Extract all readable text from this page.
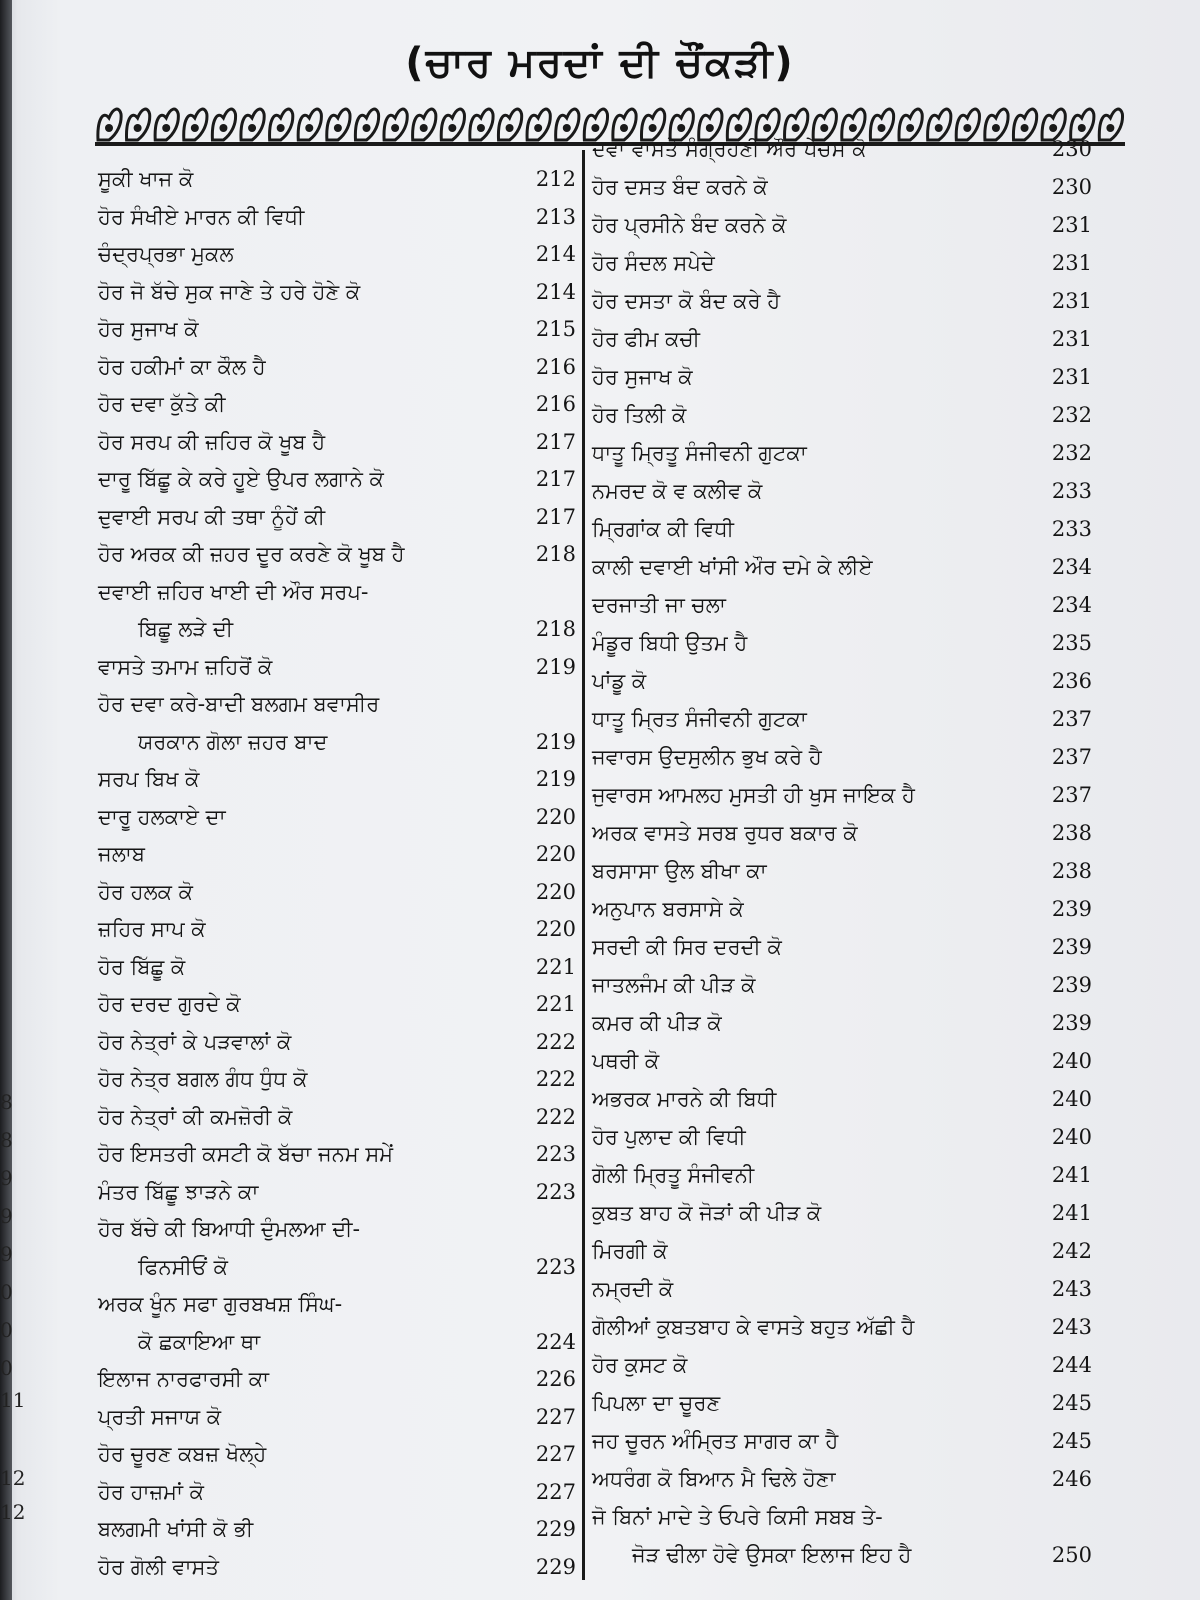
8
8
9
9
9
0
0
0
11
12
12
(ਚਾਰ ਮਰਦਾਂ ਦੀ ਚੌਂਕੜੀ)
ਸੂਕੀ ਖਾਜ ਕੋ	212
ਹੋਰ ਸੰਖੀਏ ਮਾਰਨ ਕੀ ਵਿਧੀ	213
ਚੰਦ੍ਰਪ੍ਰਭਾ ਮੁਕਲ	214
ਹੋਰ ਜੋ ਬੱਚੇ ਸੁਕ ਜਾਣੇ ਤੇ ਹਰੇ ਹੋਣੇ ਕੋ	214
ਹੋਰ ਸੁਜਾਖ ਕੋ	215
ਹੋਰ ਹਕੀਮਾਂ ਕਾ ਕੌਲ ਹੈ	216
ਹੋਰ ਦਵਾ ਕੁੱਤੇ ਕੀ	216
ਹੋਰ ਸਰਪ ਕੀ ਜ਼ਹਿਰ ਕੋ ਖੂਬ ਹੈ	217
ਦਾਰੂ ਬਿੱਛੂ ਕੇ ਕਰੇ ਹੂਏ ਉਪਰ ਲਗਾਨੇ ਕੋ	217
ਦੁਵਾਈ ਸਰਪ ਕੀ ਤਥਾ ਨੂੰਹੇਂ ਕੀ	217
ਹੋਰ ਅਰਕ ਕੀ ਜ਼ਹਰ ਦੂਰ ਕਰਣੇ ਕੋ ਖੂਬ ਹੈ	218
ਦਵਾਈ ਜ਼ਹਿਰ ਖਾਈ ਦੀ ਔਰ ਸਰਪ-
ਬਿਛੂ ਲੜੇ ਦੀ	218
ਵਾਸਤੇ ਤਮਾਮ ਜ਼ਹਿਰੋਂ ਕੋ	219
ਹੋਰ ਦਵਾ ਕਰੇ-ਬਾਦੀ ਬਲਗਮ ਬਵਾਸੀਰ
ਯਰਕਾਨ ਗੋਲਾ ਜ਼ਹਰ ਬਾਦ	219
ਸਰਪ ਬਿਖ ਕੋ	219
ਦਾਰੂ ਹਲਕਾਏ ਦਾ	220
ਜਲਾਬ	220
ਹੋਰ ਹਲਕ ਕੋ	220
ਜ਼ਹਿਰ ਸਾਪ ਕੋ	220
ਹੋਰ ਬਿੱਛੂ ਕੋ	221
ਹੋਰ ਦਰਦ ਗੁਰਦੇ ਕੋ	221
ਹੋਰ ਨੇਤ੍ਰਾਂ ਕੇ ਪੜਵਾਲਾਂ ਕੋ	222
ਹੋਰ ਨੇਤ੍ਰ ਬਗਲ ਗੰਧ ਧੁੰਧ ਕੋ	222
ਹੋਰ ਨੇਤ੍ਰਾਂ ਕੀ ਕਮਜ਼ੋਰੀ ਕੋ	222
ਹੋਰ ਇਸਤਰੀ ਕਸਟੀ ਕੋ ਬੱਚਾ ਜਨਮ ਸਮੇਂ	223
ਮੰਤਰ ਬਿੱਛੂ ਝਾੜਨੇ ਕਾ	223
ਹੋਰ ਬੱਚੇ ਕੀ ਬਿਆਧੀ ਦੁੰਮਲਆ ਦੀ-
ਫਿਨਸੀਓਂ ਕੋ	223
ਅਰਕ ਖੂੰਨ ਸਫਾ ਗੁਰਬਖਸ਼ ਸਿੰਘ-
ਕੋ ਛਕਾਇਆ ਥਾ	224
ਇਲਾਜ ਨਾਰਫਾਰਸੀ ਕਾ	226
ਪ੍ਰਤੀ ਸਜਾਯ ਕੋ	227
ਹੋਰ ਚੂਰਣ ਕਬਜ਼ ਖੋਲ੍ਹੇ	227
ਹੋਰ ਹਾਜ਼ਮਾਂ ਕੋ	227
ਬਲਗਮੀ ਖਾਂਸੀ ਕੋ ਭੀ	229
ਹੋਰ ਗੋਲੀ ਵਾਸਤੇ	229
ਦਵਾ ਵਾਸਤੇ ਸੰਗ੍ਰਹਣੀ ਔਰ ਪੇਚਸ ਕੋ	230
ਹੋਰ ਦਸਤ ਬੰਦ ਕਰਨੇ ਕੋ	230
ਹੋਰ ਪ੍ਰਸੀਨੇ ਬੰਦ ਕਰਨੇ ਕੋ	231
ਹੋਰ ਸੰਦਲ ਸਪੇਦੇ	231
ਹੋਰ ਦਸਤਾ ਕੋ ਬੰਦ ਕਰੇ ਹੈ	231
ਹੋਰ ਫੀਮ ਕਚੀ	231
ਹੋਰ ਸੁਜਾਖ ਕੋ	231
ਹੋਰ ਤਿਲੀ ਕੋ	232
ਧਾਤੂ ਮ੍ਰਿਤੂ ਸੰਜੀਵਨੀ ਗੁਟਕਾ	232
ਨਮਰਦ ਕੋ ਵ ਕਲੀਵ ਕੋ	233
ਮ੍ਰਿਗਾਂਕ ਕੀ ਵਿਧੀ	233
ਕਾਲੀ ਦਵਾਈ ਖਾਂਸੀ ਔਰ ਦਮੇ ਕੇ ਲੀਏ	234
ਦਰਜਾਤੀ ਜਾ ਚਲਾ	234
ਮੰਡੂਰ ਬਿਧੀ ਉਤਮ ਹੈ	235
ਪਾਂਡੂ ਕੋ	236
ਧਾਤੂ ਮ੍ਰਿਤ ਸੰਜੀਵਨੀ ਗੁਟਕਾ	237
ਜਵਾਰਸ ਉਦਸੁਲੀਨ ਭੁਖ ਕਰੇ ਹੈ	237
ਜੁਵਾਰਸ ਆਮਲਹ ਮੁਸਤੀ ਹੀ ਖੁਸ ਜਾਇਕ ਹੈ	237
ਅਰਕ ਵਾਸਤੇ ਸਰਬ ਰੁਧਰ ਬਕਾਰ ਕੋ	238
ਬਰਸਾਸਾ ਉਲ ਬੀਖਾ ਕਾ	238
ਅਨੁਪਾਨ ਬਰਸਾਸੇ ਕੇ	239
ਸਰਦੀ ਕੀ ਸਿਰ ਦਰਦੀ ਕੋ	239
ਜਾਤਲਜੰਮ ਕੀ ਪੀੜ ਕੋ	239
ਕਮਰ ਕੀ ਪੀੜ ਕੋ	239
ਪਥਰੀ ਕੋ	240
ਅਭਰਕ ਮਾਰਨੇ ਕੀ ਬਿਧੀ	240
ਹੋਰ ਪੁਲਾਦ ਕੀ ਵਿਧੀ	240
ਗੋਲੀ ਮ੍ਰਿਤੂ ਸੰਜੀਵਨੀ	241
ਕੁਬਤ ਬਾਹ ਕੋ ਜੋੜਾਂ ਕੀ ਪੀੜ ਕੋ	241
ਮਿਰਗੀ ਕੋ	242
ਨਮ੍ਰਦੀ ਕੋ	243
ਗੋਲੀਆਂ ਕੁਬਤਬਾਹ ਕੇ ਵਾਸਤੇ ਬਹੁਤ ਅੱਛੀ ਹੈ	243
ਹੋਰ ਕੁਸਟ ਕੋ	244
ਪਿਪਲਾ ਦਾ ਚੂਰਣ	245
ਜਹ ਚੂਰਨ ਅੰਮ੍ਰਿਤ ਸਾਗਰ ਕਾ ਹੈ	245
ਅਧਰੰਗ ਕੋ ਬਿਆਨ ਮੈ ਢਿਲੇ ਹੋਣਾ	246
ਜੋ ਬਿਨਾਂ ਮਾਦੇ ਤੇ ਓਪਰੇ ਕਿਸੀ ਸਬਬ ਤੇ-
ਜੋੜ ਢੀਲਾ ਹੋਵੇ ਉਸਕਾ ਇਲਾਜ ਇਹ ਹੈ	250
